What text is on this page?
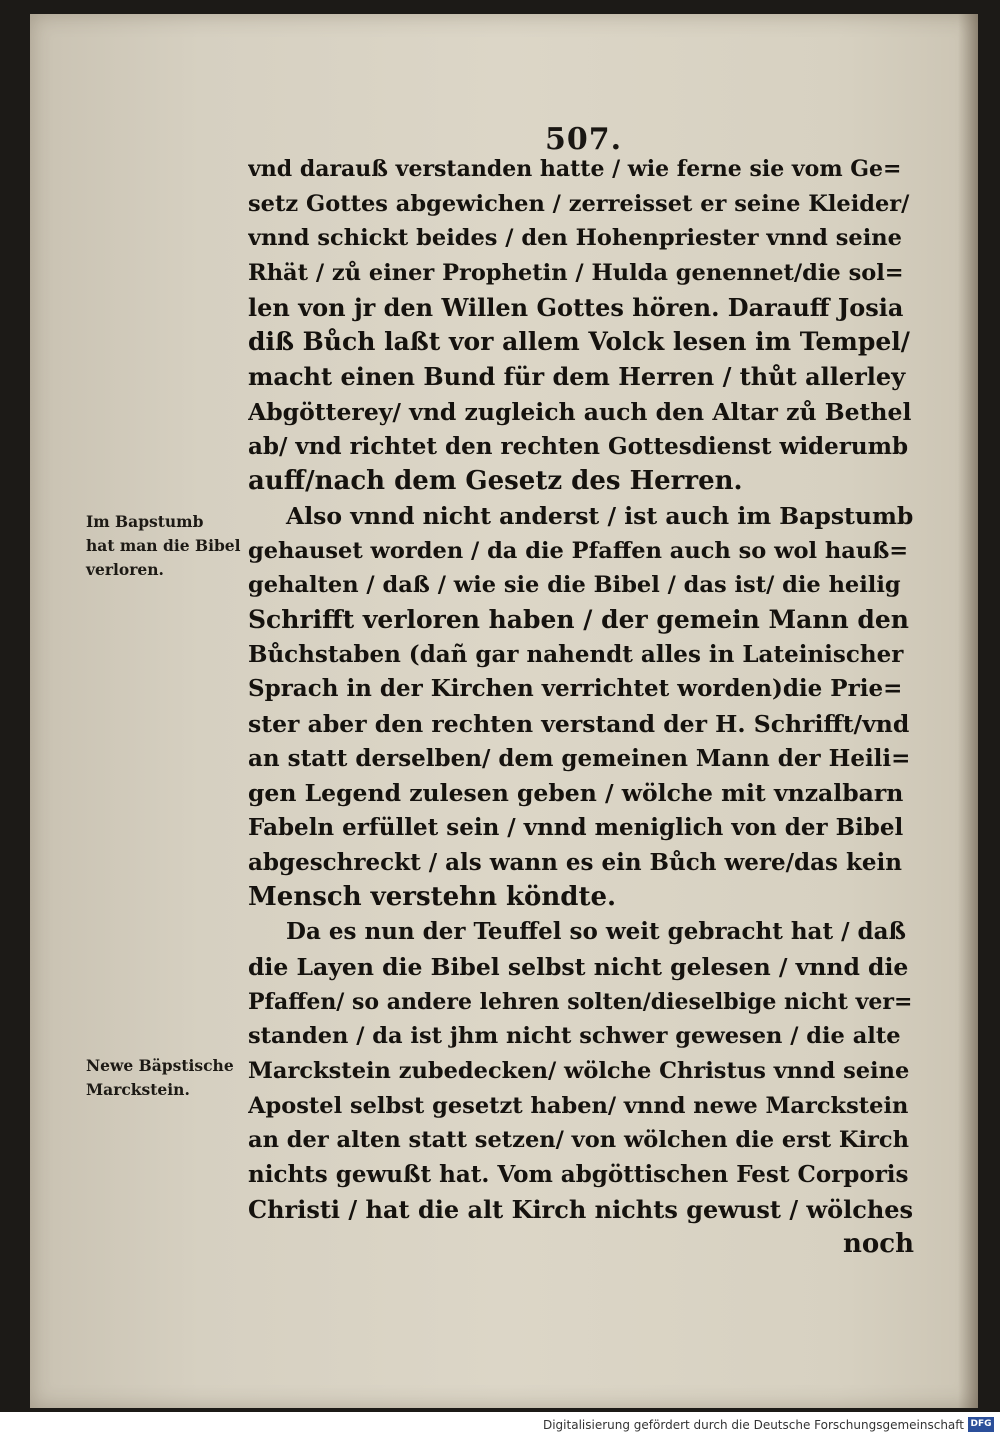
507.
vnd darauß verstanden hatte / wie ferne sie vom Ge=
setz Gottes abgewichen / zerreisset er seine Kleider/
vnnd schickt beides / den Hohenpriester vnnd seine
Rhät / zů einer Prophetin / Hulda genennet/die sol=
len von jr den Willen Gottes hören. Darauff Josia
diß Bůch laßt vor allem Volck lesen im Tempel/
macht einen Bund für dem Herren / thůt allerley
Abgötterey/ vnd zugleich auch den Altar zů Bethel
ab/ vnd richtet den rechten Gottesdienst widerumb
auff/nach dem Gesetz des Herren.
Also vnnd nicht anderst / ist auch im Bapstumb
gehauset worden / da die Pfaffen auch so wol hauß=
gehalten / daß / wie sie die Bibel / das ist/ die heilig
Schrifft verloren haben / der gemein Mann den
Bůchstaben (dañ gar nahendt alles in Lateinischer
Sprach in der Kirchen verrichtet worden)die Prie=
ster aber den rechten verstand der H. Schrifft/vnd
an statt derselben/ dem gemeinen Mann der Heili=
gen Legend zulesen geben / wölche mit vnzalbarn
Fabeln erfüllet sein / vnnd meniglich von der Bibel
abgeschreckt / als wann es ein Bůch were/das kein
Mensch verstehn köndte.
Da es nun der Teuffel so weit gebracht hat / daß
die Layen die Bibel selbst nicht gelesen / vnnd die
Pfaffen/ so andere lehren solten/dieselbige nicht ver=
standen / da ist jhm nicht schwer gewesen / die alte
Marckstein zubedecken/ wölche Christus vnnd seine
Apostel selbst gesetzt haben/ vnnd newe Marckstein
an der alten statt setzen/ von wölchen die erst Kirch
nichts gewußt hat. Vom abgöttischen Fest Corporis
Christi / hat die alt Kirch nichts gewust / wölches
noch
Im Bapstumb
hat man die Bibel
verloren.
Newe Bäpstische
Marckstein.
Digitalisierung gefördert durch die Deutsche Forschungsgemeinschaft DFG
